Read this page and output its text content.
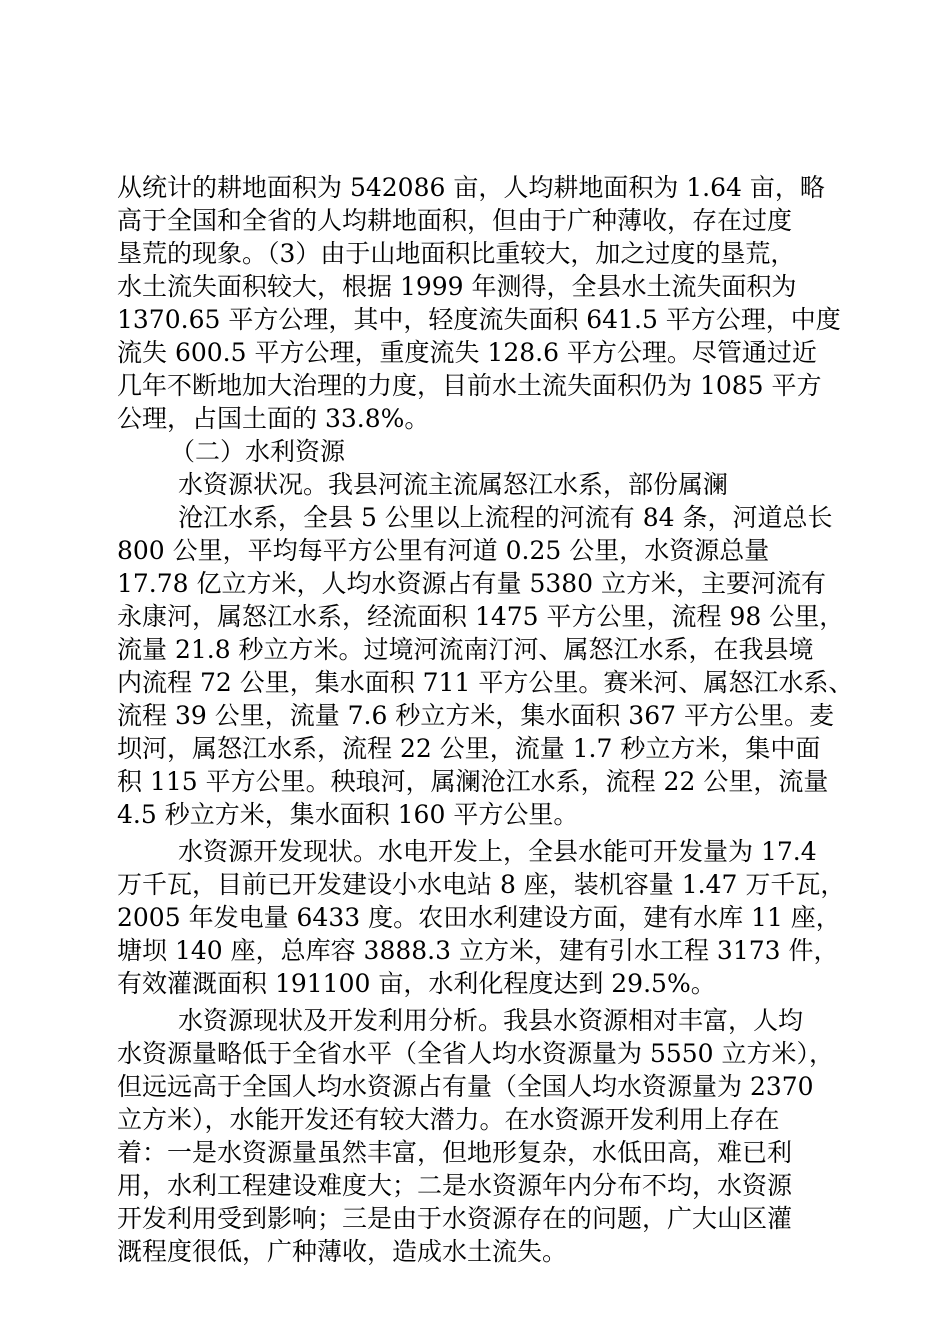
从统计的耕地面积为 542086 亩，人均耕地面积为 1.64 亩，略
高于全国和全省的人均耕地面积，但由于广种薄收，存在过度
垦荒的现象。（3）由于山地面积比重较大，加之过度的垦荒，
水土流失面积较大，根据 1999 年测得，全县水土流失面积为
1370.65 平方公理，其中，轻度流失面积 641.5 平方公理，中度
流失 600.5 平方公理，重度流失 128.6 平方公理。尽管通过近
几年不断地加大治理的力度，目前水土流失面积仍为 1085 平方
公理，占国土面的 33.8%。
（二）水利资源
水资源状况。我县河流主流属怒江水系，部份属澜
沧江水系，全县 5 公里以上流程的河流有 84 条，河道总长
800 公里，平均每平方公里有河道 0.25 公里，水资源总量
17.78 亿立方米，人均水资源占有量 5380 立方米，主要河流有
永康河，属怒江水系，经流面积 1475 平方公里，流程 98 公里，
流量 21.8 秒立方米。过境河流南汀河、属怒江水系，在我县境
内流程 72 公里，集水面积 711 平方公里。赛米河、属怒江水系、
流程 39 公里，流量 7.6 秒立方米，集水面积 367 平方公里。麦
坝河，属怒江水系，流程 22 公里，流量 1.7 秒立方米，集中面
积 115 平方公里。秧琅河，属澜沧江水系，流程 22 公里，流量
4.5 秒立方米，集水面积 160 平方公里。
水资源开发现状。水电开发上，全县水能可开发量为 17.4
万千瓦，目前已开发建设小水电站 8 座，装机容量 1.47 万千瓦，
2005 年发电量 6433 度。农田水利建设方面，建有水库 11 座，
塘坝 140 座，总库容 3888.3 立方米，建有引水工程 3173 件，
有效灌溉面积 191100 亩，水利化程度达到 29.5%。
水资源现状及开发利用分析。我县水资源相对丰富，人均
水资源量略低于全省水平（全省人均水资源量为 5550 立方米），
但远远高于全国人均水资源占有量（全国人均水资源量为 2370
立方米），水能开发还有较大潜力。在水资源开发利用上存在
着：一是水资源量虽然丰富，但地形复杂，水低田高，难已利
用，水利工程建设难度大；二是水资源年内分布不均，水资源
开发利用受到影响；三是由于水资源存在的问题，广大山区灌
溉程度很低，广种薄收，造成水土流失。
